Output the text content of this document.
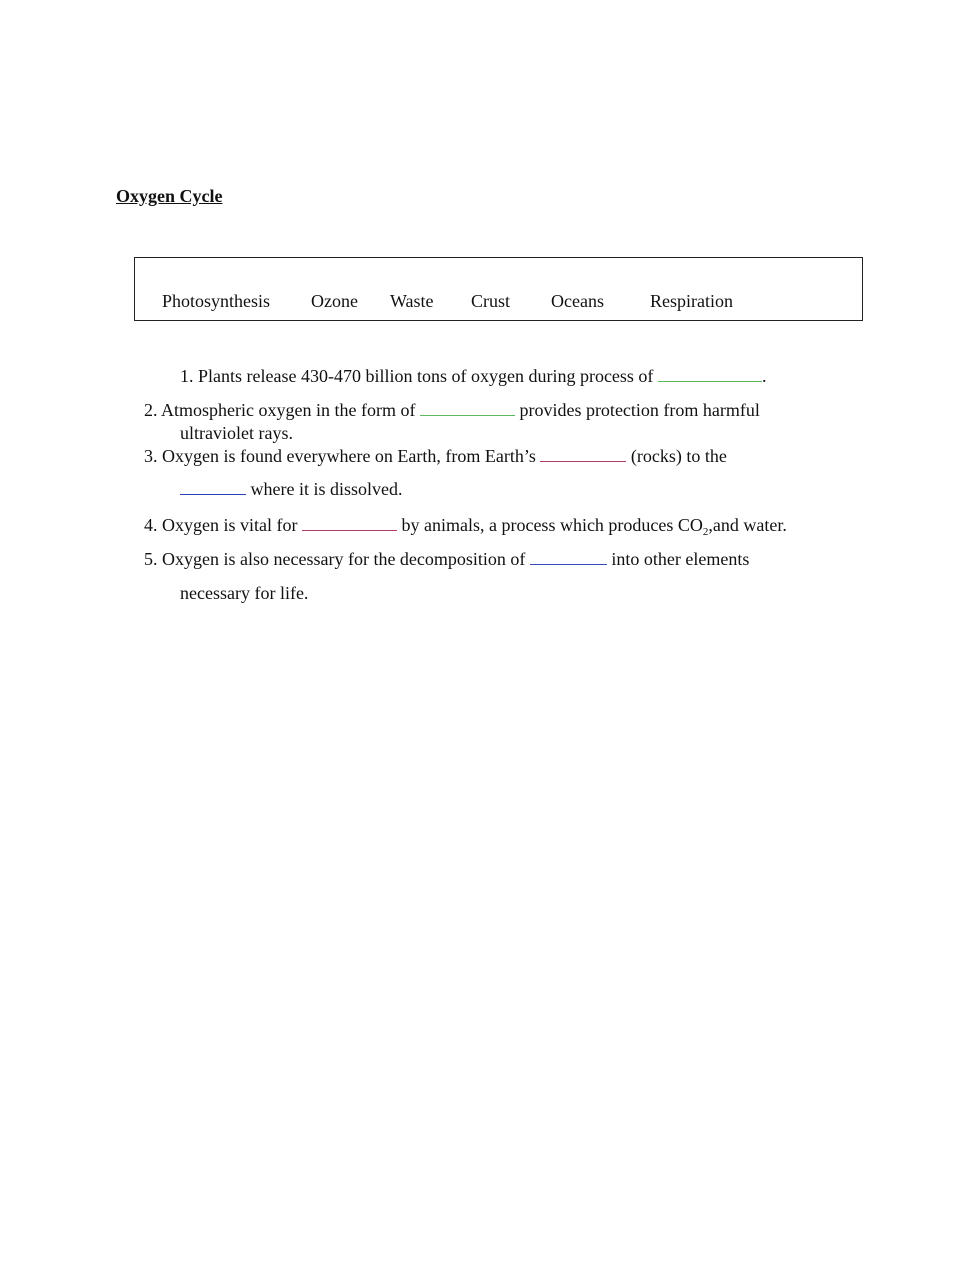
Oxygen Cycle
Photosynthesis Ozone Waste Crust Oceans	Respiration
1. Plants release 430-470 billion tons of oxygen during process of	.
2. Atmospheric oxygen in the form of	provides protection from harmful
ultraviolet rays.
3. Oxygen is found everywhere on Earth, from Earth’s	(rocks) to the
where it is dissolved.
4. Oxygen is vital for	by animals, a process which produces $CO_2,and$ water.
5. Oxygen is also necessary for the decomposition of	into other elements
necessary for life.
